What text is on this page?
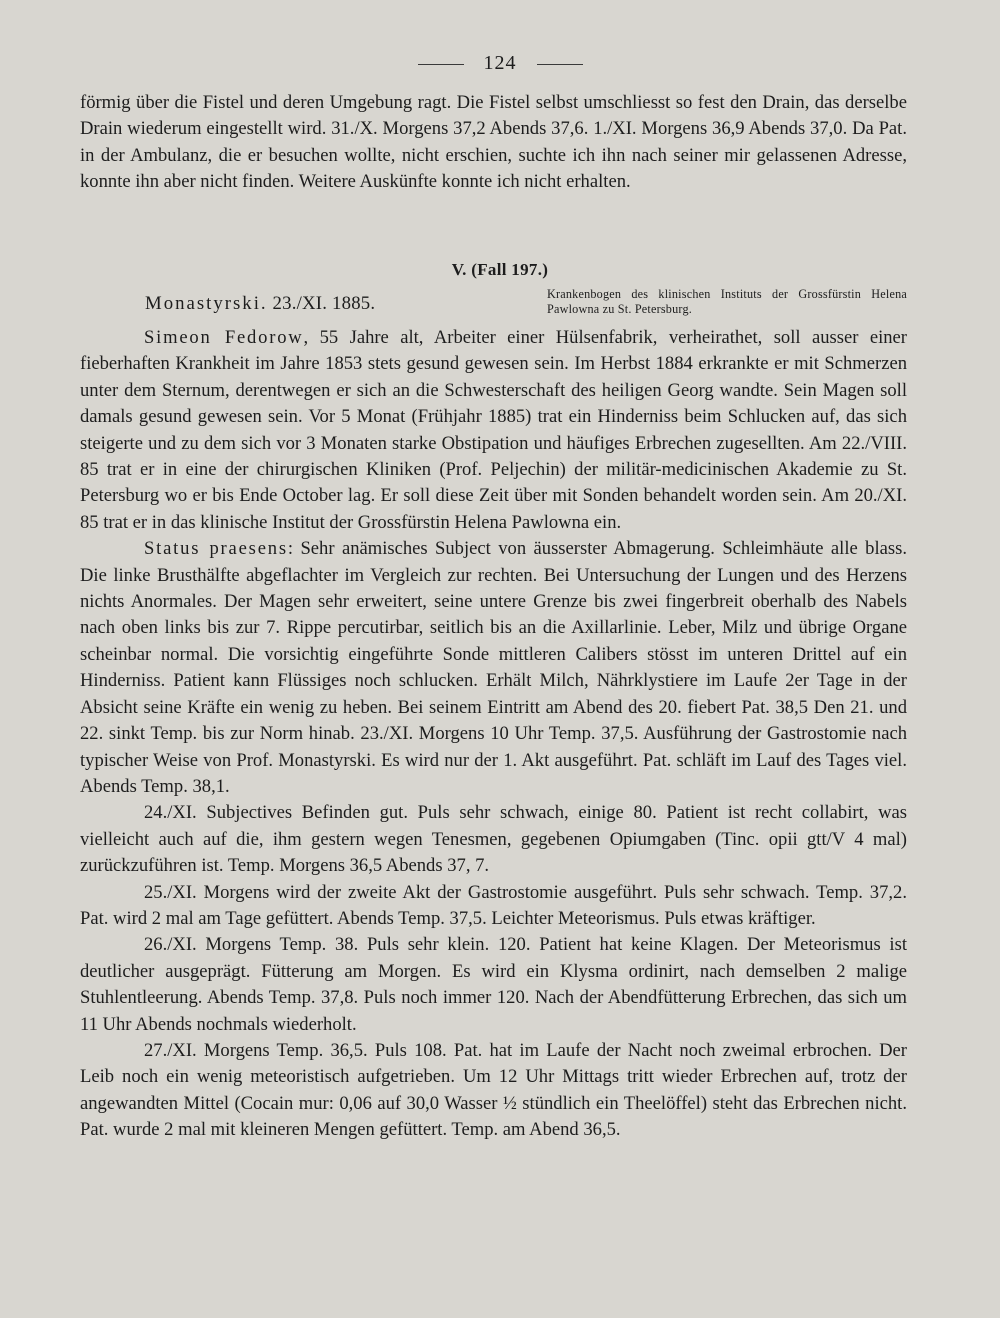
124

förmig über die Fistel und deren Umgebung ragt. Die Fistel selbst umschliesst so fest den Drain, das derselbe Drain wiederum eingestellt wird. 31./X. Morgens 37,2 Abends 37,6. 1./XI. Morgens 36,9 Abends 37,0. Da Pat. in der Ambulanz, die er besuchen wollte, nicht erschien, suchte ich ihn nach seiner mir gelassenen Adresse, konnte ihn aber nicht finden. Weitere Auskünfte konnte ich nicht erhalten.

V. (Fall 197.)
Monastyrski. 23./XI. 1885.	Krankenbogen des klinischen Instituts der Grossfürstin Helena Pawlowna zu St. Petersburg.

Simeon Fedorow, 55 Jahre alt, Arbeiter einer Hülsenfabrik, verheirathet, soll ausser einer fieberhaften Krankheit im Jahre 1853 stets gesund gewesen sein. Im Herbst 1884 erkrankte er mit Schmerzen unter dem Sternum, derentwegen er sich an die Schwesterschaft des heiligen Georg wandte. Sein Magen soll damals gesund gewesen sein. Vor 5 Monat (Frühjahr 1885) trat ein Hinderniss beim Schlucken auf, das sich steigerte und zu dem sich vor 3 Monaten starke Obstipation und häufiges Erbrechen zugesellten. Am 22./VIII. 85 trat er in eine der chirurgischen Kliniken (Prof. Peljechin) der militär-medicinischen Akademie zu St. Petersburg wo er bis Ende October lag. Er soll diese Zeit über mit Sonden behandelt worden sein. Am 20./XI. 85 trat er in das klinische Institut der Grossfürstin Helena Pawlowna ein.

Status praesens: Sehr anämisches Subject von äusserster Abmagerung. Schleimhäute alle blass. Die linke Brusthälfte abgeflachter im Vergleich zur rechten. Bei Untersuchung der Lungen und des Herzens nichts Anormales. Der Magen sehr erweitert, seine untere Grenze bis zwei fingerbreit oberhalb des Nabels nach oben links bis zur 7. Rippe percutirbar, seitlich bis an die Axillarlinie. Leber, Milz und übrige Organe scheinbar normal. Die vorsichtig eingeführte Sonde mittleren Calibers stösst im unteren Drittel auf ein Hinderniss. Patient kann Flüssiges noch schlucken. Erhält Milch, Nährklystiere im Laufe 2er Tage in der Absicht seine Kräfte ein wenig zu heben. Bei seinem Eintritt am Abend des 20. fiebert Pat. 38,5 Den 21. und 22. sinkt Temp. bis zur Norm hinab. 23./XI. Morgens 10 Uhr Temp. 37,5. Ausführung der Gastrostomie nach typischer Weise von Prof. Monastyrski. Es wird nur der 1. Akt ausgeführt. Pat. schläft im Lauf des Tages viel. Abends Temp. 38,1.

24./XI. Subjectives Befinden gut. Puls sehr schwach, einige 80. Patient ist recht collabirt, was vielleicht auch auf die, ihm gestern wegen Tenesmen, gegebenen Opiumgaben (Tinc. opii gtt/V 4 mal) zurückzuführen ist. Temp. Morgens 36,5 Abends 37, 7.

25./XI. Morgens wird der zweite Akt der Gastrostomie ausgeführt. Puls sehr schwach. Temp. 37,2. Pat. wird 2 mal am Tage gefüttert. Abends Temp. 37,5. Leichter Meteorismus. Puls etwas kräftiger.

26./XI. Morgens Temp. 38. Puls sehr klein. 120. Patient hat keine Klagen. Der Meteorismus ist deutlicher ausgeprägt. Fütterung am Morgen. Es wird ein Klysma ordinirt, nach demselben 2 malige Stuhlentleerung. Abends Temp. 37,8. Puls noch immer 120. Nach der Abendfütterung Erbrechen, das sich um 11 Uhr Abends nochmals wiederholt.

27./XI. Morgens Temp. 36,5. Puls 108. Pat. hat im Laufe der Nacht noch zweimal erbrochen. Der Leib noch ein wenig meteoristisch aufgetrieben. Um 12 Uhr Mittags tritt wieder Erbrechen auf, trotz der angewandten Mittel (Cocain mur: 0,06 auf 30,0 Wasser ½ stündlich ein Theelöffel) steht das Erbrechen nicht. Pat. wurde 2 mal mit kleineren Mengen gefüttert. Temp. am Abend 36,5.
